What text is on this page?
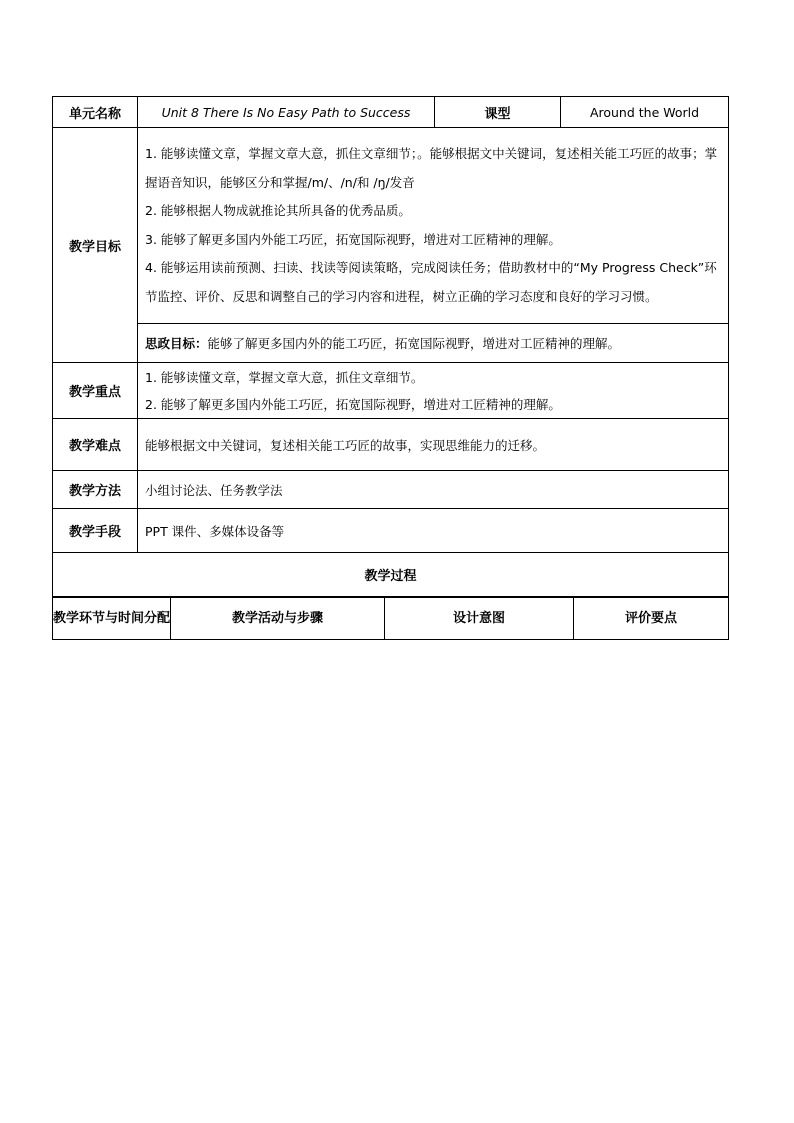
单元名称	Unit 8 There Is No Easy Path to Success	课型	Around the World
教学目标	1. 能够读懂文章，掌握文章大意，抓住文章细节；。能够根据文中关键词，复述相关能工巧匠的故事；掌握语音知识，能够区分和掌握/m/、/n/和 /ŋ/发音

2. 能够根据人物成就推论其所具备的优秀品质。

3. 能够了解更多国内外能工巧匠，拓宽国际视野，增进对工匠精神的理解。

4. 能够运用读前预测、扫读、找读等阅读策略，完成阅读任务；借助教材中的“My Progress Check”环节监控、评价、反思和调整自己的学习内容和进程，树立正确的学习态度和良好的学习习惯。		

	思政目标：能够了解更多国内外的能工巧匠，拓宽国际视野，增进对工匠精神的理解。		
教学重点	1. 能够读懂文章，掌握文章大意，抓住文章细节。

2. 能够了解更多国内外能工巧匠，拓宽国际视野，增进对工匠精神的理解。		

教学难点	能够根据文中关键词，复述相关能工巧匠的故事，实现思维能力的迁移。		
教学方法	小组讨论法、任务教学法		
教学手段	PPT 课件、多媒体设备等		
教学过程			
教学环节与时间分配	教学活动与步骤	设计意图	评价要点
